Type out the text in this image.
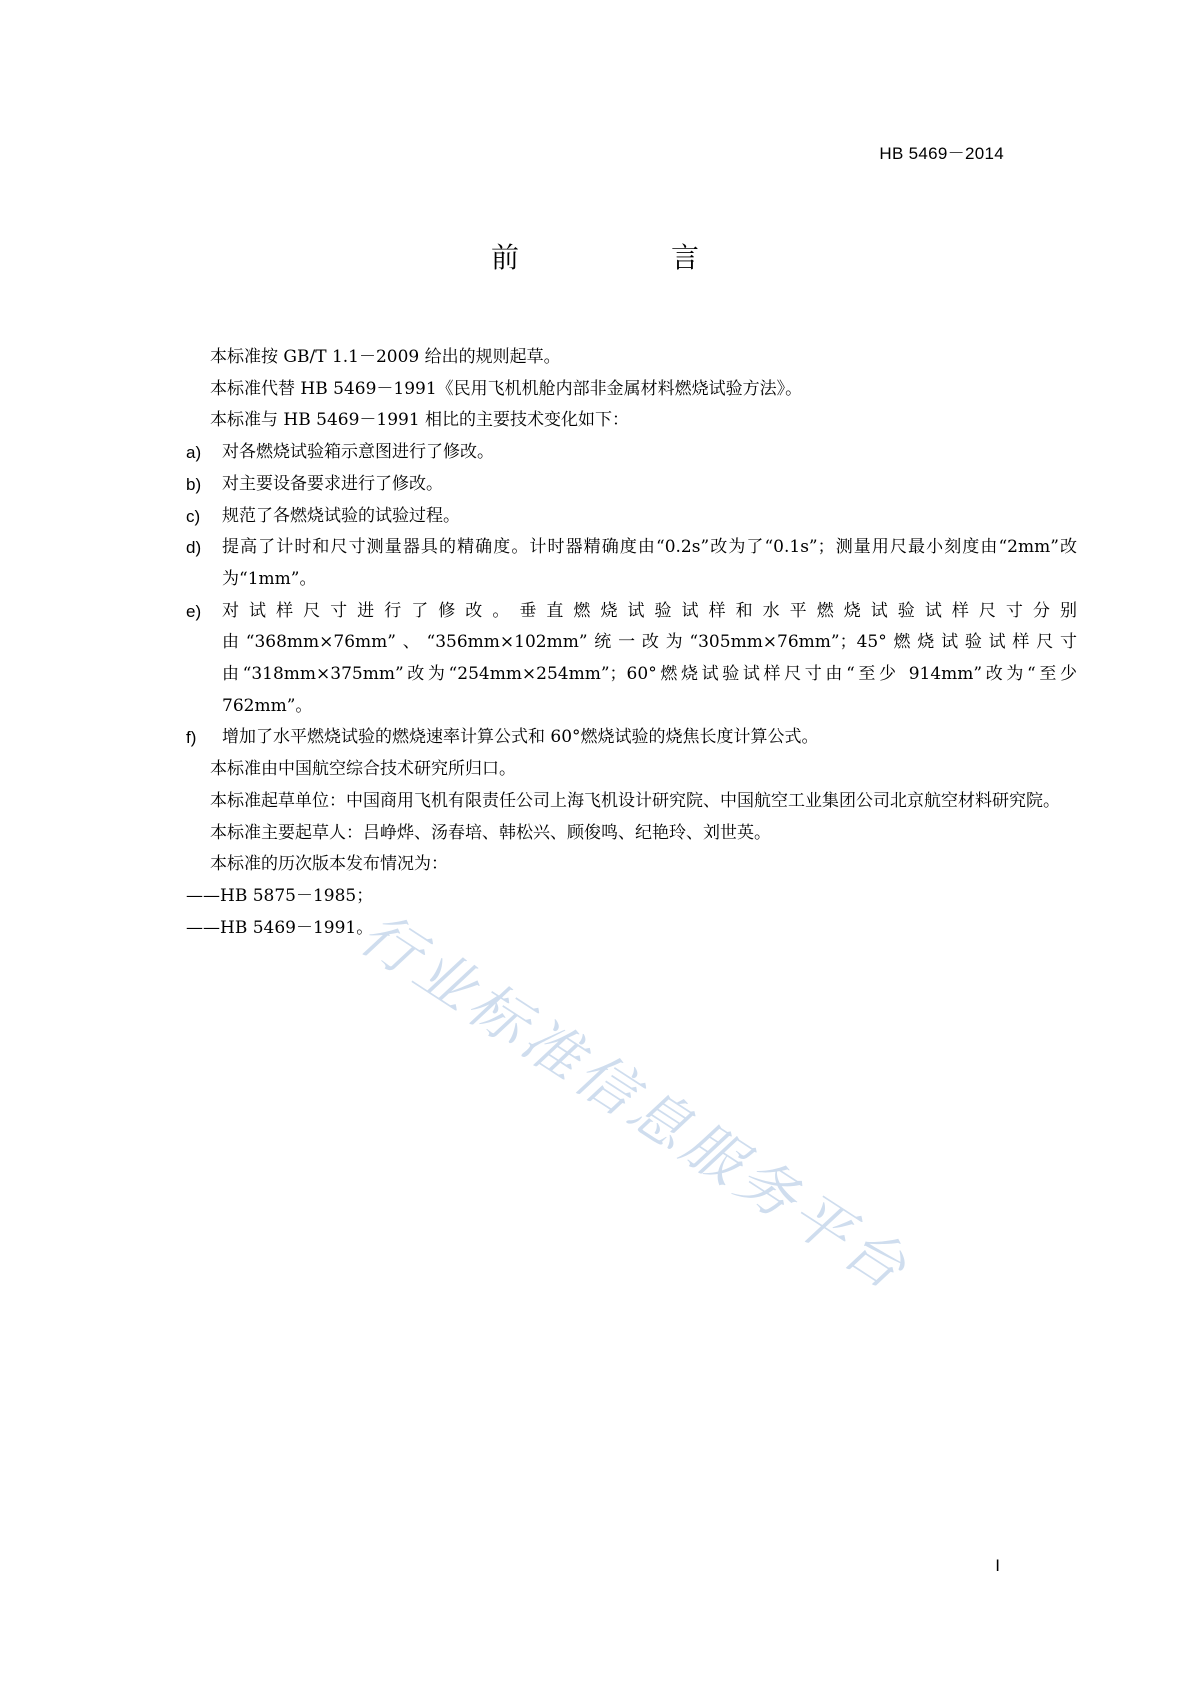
HB 5469－2014
前　言

本标准按 GB/T 1.1－2009 给出的规则起草。

本标准代替 HB 5469－1991《民用飞机机舱内部非金属材料燃烧试验方法》。

本标准与 HB 5469－1991 相比的主要技术变化如下：

a) 对各燃烧试验箱示意图进行了修改。
b) 对主要设备要求进行了修改。
c) 规范了各燃烧试验的试验过程。
d) 提高了计时和尺寸测量器具的精确度。计时器精确度由“0.2s”改为了“0.1s”；测量用尺最小刻度由“2mm”改为“1mm”。
e) 对试样尺寸进行了修改。垂直燃烧试验试样和水平燃烧试验试样尺寸分别由“368mm×76mm”、“356mm×102mm”统一改为“305mm×76mm”；45°燃烧试验试样尺寸由“318mm×375mm”改为“254mm×254mm”；60°燃烧试验试样尺寸由“至少 914mm”改为“至少 762mm”。
f) 增加了水平燃烧试验的燃烧速率计算公式和 60°燃烧试验的烧焦长度计算公式。

本标准由中国航空综合技术研究所归口。

本标准起草单位：中国商用飞机有限责任公司上海飞机设计研究院、中国航空工业集团公司北京航空材料研究院。

本标准主要起草人：吕峥烨、汤春培、韩松兴、顾俊鸣、纪艳玲、刘世英。

本标准的历次版本发布情况为：

——HB 5875－1985；

——HB 5469－1991。

行业标准信息服务平台
I
